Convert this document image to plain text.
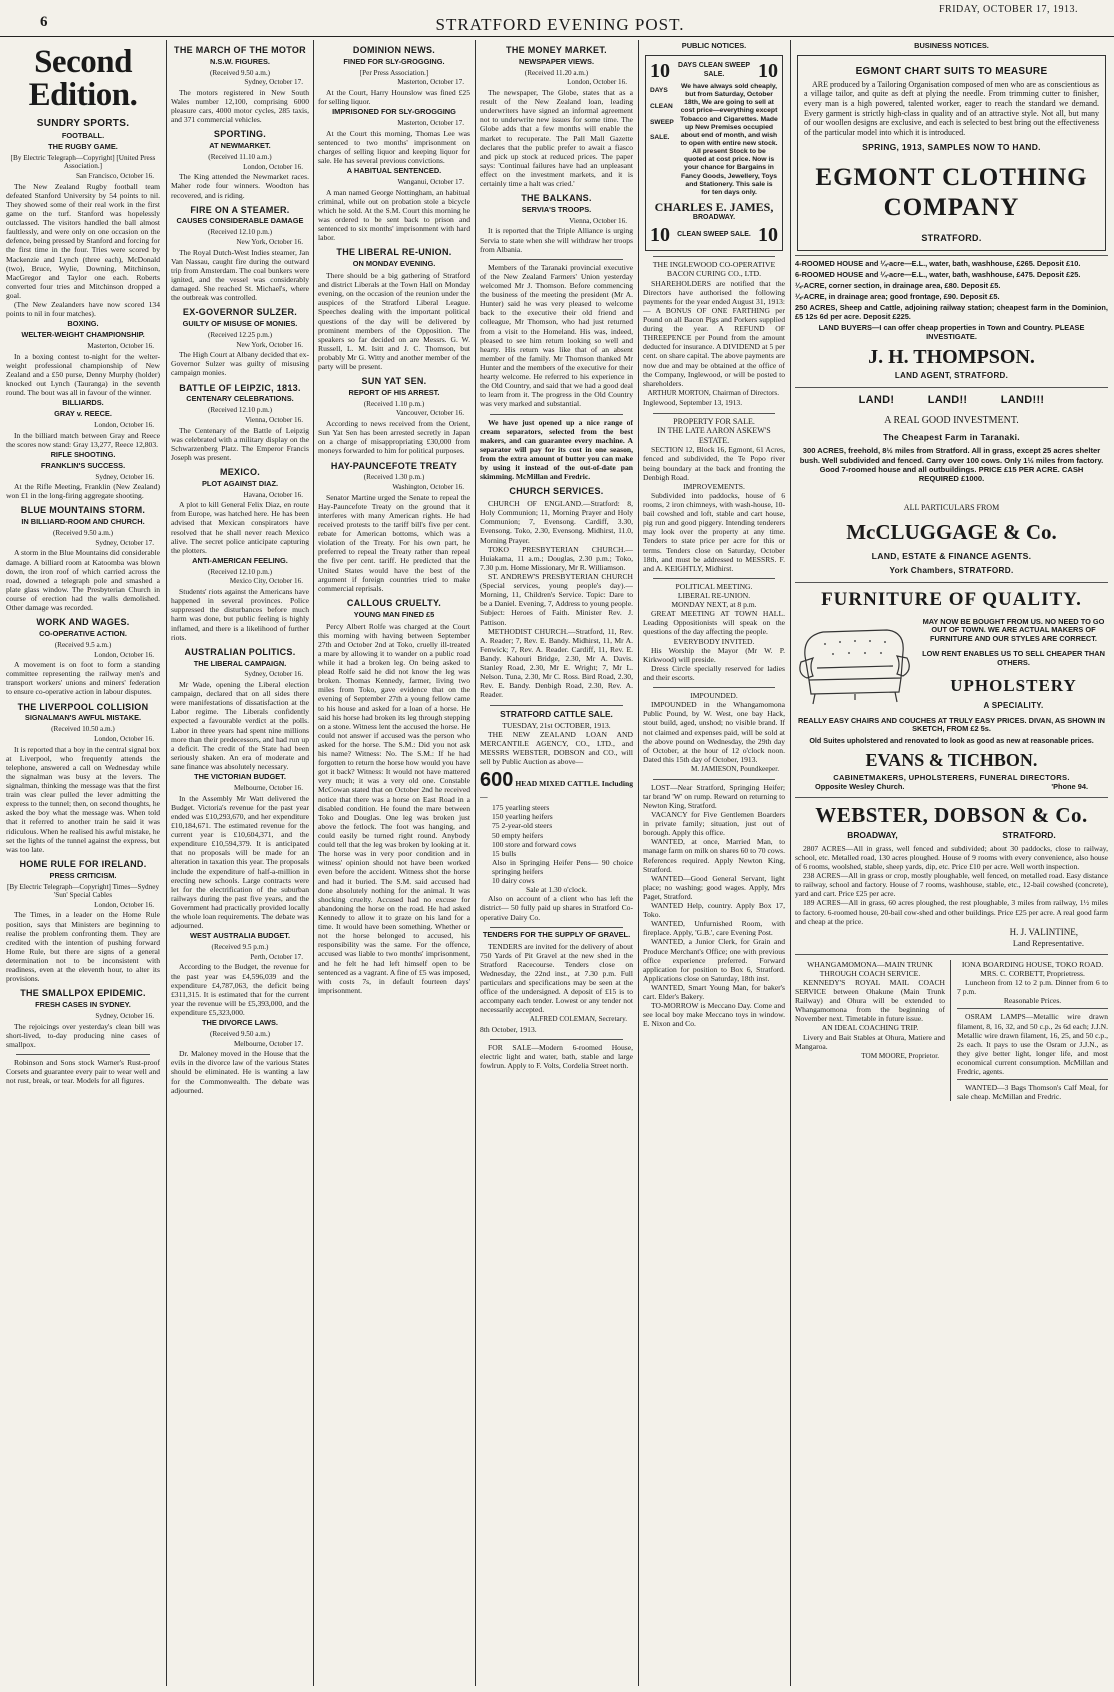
6	STRATFORD EVENING POST.
FRIDAY, OCTOBER 17, 1913.
Second Edition.
SUNDRY SPORTS.
FOOTBALL.
THE RUGBY GAME.
[By Electric Telegraph—Copyright] [United Press Association.]
San Francisco, October 16.

The New Zealand Rugby football team defeated Stanford University by 54 points to nil. They showed some of their real work in the first game on the turf. Stanford was hopelessly outclassed. The visitors handled the ball almost faultlessly, and were only on one occasion on the defence, being pressed by Stanford and forcing for the first time in the four. Tries were scored by Mackenzie and Lynch (three each), McDonald (two), Bruce, Wylie, Downing, Mitchinson, MacGregor and Taylor one each. Roberts converted four tries and Mitchinson dropped a goal.

(The New Zealanders have now scored 134 points to nil in four matches).

BOXING.
WELTER-WEIGHT CHAMPIONSHIP.
Masterton, October 16.

In a boxing contest to-night for the welter-weight professional championship of New Zealand and a £50 purse, Denny Murphy (holder) knocked out Lynch (Tauranga) in the seventh round. The bout was all in favour of the winner.

BILLIARDS.
GRAY v. REECE.
London, October 16.

In the billiard match between Gray and Reece the scores now stand: Gray 13,277, Reece 12,803.

RIFLE SHOOTING.
FRANKLIN'S SUCCESS.
Sydney, October 16.

At the Rifle Meeting, Franklin (New Zealand) won £1 in the long-firing aggregate shooting.

BLUE MOUNTAINS STORM.
IN BILLIARD-ROOM AND CHURCH.
(Received 9.50 a.m.)
Sydney, October 17.

A storm in the Blue Mountains did considerable damage. A billiard room at Katoomba was blown down, the iron roof of which carried across the road, downed a telegraph pole and smashed a plate glass window. The Presbyterian Church in course of erection had the walls demolished. Other damage was recorded.

WORK AND WAGES.
CO-OPERATIVE ACTION.
(Received 9.5 a.m.)
London, October 16.

A movement is on foot to form a standing committee representing the railway men's and transport workers' unions and miners' federation to ensure co-operative action in labour disputes.

THE LIVERPOOL COLLISION
SIGNALMAN'S AWFUL MISTAKE.
(Received 10.50 a.m.)
London, October 16.

It is reported that a boy in the central signal box at Liverpool, who frequently attends the telephone, answered a call on Wednesday while the signalman was busy at the levers. The signalman, thinking the message was that the first train was clear pulled the lever admitting the express to the tunnel; then, on second thoughts, he asked the boy what the message was. When told that it referred to another train he said it was ridiculous. When he realised his awful mistake, he set the lights of the tunnel against the express, but was too late.

HOME RULE FOR IRELAND.
PRESS CRITICISM.
[By Electric Telegraph—Copyright] Times—Sydney 'Sun' Special Cables
London, October 16.

The Times, in a leader on the Home Rule position, says that Ministers are beginning to realise the problem confronting them. They are credited with the intention of pushing forward Home Rule, but there are signs of a general determination not to be inconsistent with readiness, even at the eleventh hour, to alter its provisions.

THE SMALLPOX EPIDEMIC.
FRESH CASES IN SYDNEY.
Sydney, October 16.

The rejoicings over yesterday's clean bill was short-lived, to-day producing nine cases of smallpox.

Robinson and Sons stock Warner's Rust-proof Corsets and guarantee every pair to wear well and not rust, break, or tear. Models for all figures.

THE MARCH OF THE MOTOR
N.S.W. FIGURES.
(Received 9.50 a.m.)
Sydney, October 17.

The motors registered in New South Wales number 12,100, comprising 6000 pleasure cars, 4000 motor cycles, 285 taxis, and 371 commercial vehicles.

SPORTING.
AT NEWMARKET.
(Received 11.10 a.m.)
London, October 16.

The King attended the Newmarket races. Maher rode four winners. Woodton has recovered, and is riding.

FIRE ON A STEAMER.
CAUSES CONSIDERABLE DAMAGE
(Received 12.10 p.m.)
New York, October 16.

The Royal Dutch-West Indies steamer, Jan Van Nassau, caught fire during the outward trip from Amsterdam. The coal bunkers were ignited, and the vessel was considerably damaged. She reached St. Michael's, where the outbreak was controlled.

EX-GOVERNOR SULZER.
GUILTY OF MISUSE OF MONIES.
(Received 12.25 p.m.)
New York, October 16.

The High Court at Albany decided that ex-Governor Sulzer was guilty of misusing campaign monies.

BATTLE OF LEIPZIC, 1813.
CENTENARY CELEBRATIONS.
(Received 12.10 p.m.)
Vienna, October 16.

The Centenary of the Battle of Leipzig was celebrated with a military display on the Schwarzenberg Platz. The Emperor Francis Joseph was present.

MEXICO.
PLOT AGAINST DIAZ.
Havana, October 16.

A plot to kill General Felix Diaz, en route from Europe, was hatched here. He has been advised that Mexican conspirators have resolved that he shall never reach Mexico alive. The secret police anticipate capturing the plotters.

ANTI-AMERICAN FEELING.
(Received 12.10 p.m.)
Mexico City, October 16.

Students' riots against the Americans have happened in several provinces. Police suppressed the disturbances before much harm was done, but public feeling is highly inflamed, and there is a likelihood of further riots.

AUSTRALIAN POLITICS.
THE LIBERAL CAMPAIGN.
Sydney, October 16.

Mr Wade, opening the Liberal election campaign, declared that on all sides there were manifestations of dissatisfaction at the Labor regime. The Liberals confidently expected a favourable verdict at the polls. Labor in three years had spent nine millions more than their predecessors, and had run up a deficit. The credit of the State had been seriously shaken. An era of moderate and sane finance was absolutely necessary.

THE VICTORIAN BUDGET.
Melbourne, October 16.

In the Assembly Mr Watt delivered the Budget. Victoria's revenue for the past year ended was £10,293,670, and her expenditure £10,184,671. The estimated revenue for the current year is £10,604,371, and the expenditure £10,594,379. It is anticipated that no proposals will be made for an alteration in taxation this year. The proposals include the expenditure of half-a-million in erecting new schools. Large contracts were let for the electrification of the suburban railways during the past five years, and the Government had practically provided locally the whole loan requirements. The debate was adjourned.

WEST AUSTRALIA BUDGET.
(Received 9.5 p.m.)
Perth, October 17.

According to the Budget, the revenue for the past year was £4,596,039 and the expenditure £4,787,063, the deficit being £311,315. It is estimated that for the current year the revenue will be £5,393,000, and the expenditure £5,323,000.

THE DIVORCE LAWS.
(Received 9.50 a.m.)
Melbourne, October 17.

Dr. Maloney moved in the House that the evils in the divorce law of the various States should be eliminated. He is wanting a law for the Commonwealth. The debate was adjourned.

DOMINION NEWS.
FINED FOR SLY-GROGGING.
[Per Press Association.]
Masterton, October 17.

At the Court, Harry Hounslow was fined £25 for selling liquor.

IMPRISONED FOR SLY-GROGGING
Masterton, October 17.

At the Court this morning, Thomas Lee was sentenced to two months' imprisonment on charges of selling liquor and keeping liquor for sale. He has several previous convictions.

A HABITUAL SENTENCED.
Wanganui, October 17.

A man named George Nottingham, an habitual criminal, while out on probation stole a bicycle which he sold. At the S.M. Court this morning he was ordered to be sent back to prison and sentenced to six months' imprisonment with hard labor.

THE LIBERAL RE-UNION.
ON MONDAY EVENING.

There should be a big gathering of Stratford and district Liberals at the Town Hall on Monday evening, on the occasion of the reunion under the auspices of the Stratford Liberal League. Speeches dealing with the important political questions of the day will be delivered by prominent members of the Opposition. The speakers so far decided on are Messrs. G. W. Russell, L. M. Isitt and J. C. Thomson, but probably Mr G. Witty and another member of the party will be present.

SUN YAT SEN.
REPORT OF HIS ARREST.
(Received 1.10 p.m.)
Vancouver, October 16.

According to news received from the Orient, Sun Yat Sen has been arrested secretly in Japan on a charge of misappropriating £30,000 from moneys forwarded to him for political purposes.

HAY-PAUNCEFOTE TREATY
(Received 1.30 p.m.)
Washington, October 16.

Senator Martine urged the Senate to repeal the Hay-Pauncefote Treaty on the ground that it interferes with many American rights. He had received protests to the tariff bill's five per cent. rebate for American bottoms, which was a violation of the Treaty. For his own part, he preferred to repeal the Treaty rather than repeal the five per cent. tariff. He predicted that the United States would have the best of the argument if foreign countries tried to make commercial reprisals.

CALLOUS CRUELTY.
YOUNG MAN FINED £5

Percy Albert Rolfe was charged at the Court this morning with having between September 27th and October 2nd at Toko, cruelly ill-treated a mare by allowing it to wander on a public road while it had a broken leg. On being asked to plead Rolfe said he did not know the leg was broken. Thomas Kennedy, farmer, living two miles from Toko, gave evidence that on the evening of September 27th a young fellow came to his house and asked for a loan of a horse. He said his horse had broken its leg through stepping on a stone. Witness lent the accused the horse. He could not answer if accused was the person who asked for the horse. The S.M.: Did you not ask his name? Witness: No. The S.M.: If he had forgotten to return the horse how would you have got it back? Witness: It would not have mattered very much; it was a very old one. Constable McCowan stated that on October 2nd he received notice that there was a horse on East Road in a disabled condition. He found the mare between Toko and Douglas. One leg was broken just above the fetlock. The foot was hanging, and could easily be turned right round. Anybody could tell that the leg was broken by looking at it. The horse was in very poor condition and in witness' opinion should not have been worked even before the accident. Witness shot the horse and had it buried. The S.M. said accused had done absolutely nothing for the animal. It was shocking cruelty. Accused had no excuse for abandoning the horse on the road. He had asked Kennedy to allow it to graze on his land for a time. It would have been something. Whether or not the horse belonged to accused, his responsibility was the same. For the offence, accused was liable to two months' imprisonment, and he felt he had left himself open to be sentenced as a vagrant. A fine of £5 was imposed, with costs 7s, in default fourteen days' imprisonment.

THE MONEY MARKET.
NEWSPAPER VIEWS.
(Received 11.20 a.m.)
London, October 16.

The newspaper, The Globe, states that as a result of the New Zealand loan, leading underwriters have signed an informal agreement not to underwrite new issues for some time. The Globe adds that a few months will enable the market to recuperate. The Pall Mall Gazette declares that the public prefer to await a fiasco and pick up stock at reduced prices. The paper says: 'Continual failures have had an unpleasant effect on the investment markets, and it is certainly time a halt was cried.'

THE BALKANS.
SERVIA'S TROOPS.
Vienna, October 16.

It is reported that the Triple Alliance is urging Servia to state when she will withdraw her troops from Albania.

Members of the Taranaki provincial executive of the New Zealand Farmers' Union yesterday welcomed Mr J. Thomson. Before commencing the business of the meeting the president (Mr A. Hunter) said he was very pleased to welcome back to the executive their old friend and colleague, Mr Thomson, who had just returned from a visit to the Homeland. His was, indeed, pleased to see him return looking so well and hearty. His return was like that of an absent member of the family. Mr Thomson thanked Mr Hunter and the members of the executive for their hearty welcome. He referred to his experience in the Old Country, and said that we had a good deal to learn from it. The progress in the Old Country was very marked and substantial.

We have just opened up a nice range of cream separators, selected from the best makers, and can guarantee every machine. A separator will pay for its cost in one season, from the extra amount of butter you can make by using it instead of the out-of-date pan skimming. McMillan and Fredric.

CHURCH SERVICES.

CHURCH OF ENGLAND.—Stratford: 8, Holy Communion; 11, Morning Prayer and Holy Communion; 7, Evensong. Cardiff, 3.30, Evensong. Toko, 2.30, Evensong. Midhirst, 11.0, Morning Prayer.

TOKO PRESBYTERIAN CHURCH.—Huiakama, 11 a.m.; Douglas, 2.30 p.m.; Toko, 7.30 p.m. Home Missionary, Mr R. Williamson.

ST. ANDREW'S PRESBYTERIAN CHURCH (Special services, young people's day).—Morning, 11, Children's Service. Topic: Dare to be a Daniel. Evening, 7, Address to young people. Subject: Heroes of Faith. Minister Rev. J. Pattison.

METHODIST CHURCH.—Stratford, 11, Rev. A. Reader; 7, Rev. E. Bandy. Midhirst, 11, Mr A. Fenwick; 7, Rev. A. Reader. Cardiff, 11, Rev. E. Bandy. Kahouri Bridge, 2.30, Mr A. Davis. Stanley Road, 2.30, Mr E. Wright; 7, Mr L. Nelson. Tuna, 2.30, Mr C. Ross. Bird Road, 2.30, Rev. E. Bandy. Denbigh Road, 2.30, Rev. A. Reader.

STRATFORD CATTLE SALE.
TUESDAY, 21st OCTOBER, 1913.

THE NEW ZEALAND LOAN AND MERCANTILE AGENCY, CO., LTD., and MESSRS WEBSTER, DOBSON and CO., will sell by Public Auction as above—

600 HEAD MIXED CATTLE. Including—
175 yearling steers
150 yearling heifers
75 2-year-old steers
50 empty heifers
100 store and forward cows
15 bulls
Also in Springing Heifer Pens— 90 choice springing heifers
10 dairy cows
Sale at 1.30 o'clock.

Also on account of a client who has left the district— 50 fully paid up shares in Stratford Co-operative Dairy Co.

TENDERS FOR THE SUPPLY OF GRAVEL.

TENDERS are invited for the delivery of about 750 Yards of Pit Gravel at the new shed in the Stratford Racecourse. Tenders close on Wednesday, the 22nd inst., at 7.30 p.m. Full particulars and specifications may be seen at the office of the undersigned. A deposit of £15 is to accompany each tender. Lowest or any tender not necessarily accepted.

ALFRED COLEMAN, Secretary.
8th October, 1913.

FOR SALE—Modern 6-roomed House, electric light and water, bath, stable and large fowlrun. Apply to F. Volts, Cordelia Street north.

PUBLIC NOTICES.
10	DAYS CLEAN SWEEP SALE.	10
DAYS
CLEAN
SWEEP
SALE.
We have always sold cheaply, but from Saturday, October 18th, We are going to sell at cost price—everything except Tobacco and Cigarettes. Made up New Premises occupied about end of month, and wish to open with entire new stock. All present Stock to be quoted at cost price. Now is your chance for Bargains in Fancy Goods, Jewellery, Toys and Stationery. This sale is for ten days only.
CHARLES E. JAMES,
BROADWAY.
10 CLEAN SWEEP SALE. 10
THE INGLEWOOD CO-OPERATIVE BACON CURING CO., LTD.

SHAREHOLDERS are notified that the Directors have authorised the following payments for the year ended August 31, 1913:— A BONUS OF ONE FARTHING per Pound on all Bacon Pigs and Porkers supplied during the year. A REFUND OF THREEPENCE per Pound from the amount deducted for insurance. A DIVIDEND at 5 per cent. on share capital. The above payments are now due and may be obtained at the office of the Company, Inglewood, or will be posted to shareholders.

ARTHUR MORTON, Chairman of Directors.
Inglewood, September 13, 1913.
PROPERTY FOR SALE.
IN THE LATE AARON ASKEW'S ESTATE.

SECTION 12, Block 16, Egmont, 61 Acres, fenced and subdivided, the Te Popo river being boundary at the back and fronting the Denbigh Road.

IMPROVEMENTS.

Subdivided into paddocks, house of 6 rooms, 2 iron chimneys, with wash-house, 10-bail cowshed and loft, stable and cart house, pig run and good piggery. Intending tenderers may look over the property at any time. Tenders to state price per acre for this or terms. Tenders close on Saturday, October 18th, and must be addressed to MESSRS. F. and A. KEIGHTLY, Midhirst.

POLITICAL MEETING.
LIBERAL RE-UNION.
MONDAY NEXT, at 8 p.m.

GREAT MEETING AT TOWN HALL. Leading Oppositionists will speak on the questions of the day affecting the people.

EVERYBODY INVITED.

His Worship the Mayor (Mr W. P. Kirkwood) will preside.

Dress Circle specially reserved for ladies and their escorts.

IMPOUNDED.

IMPOUNDED in the Whangamomona Public Pound, by W. West, one bay Hack, stout build, aged, unshod; no visible brand. If not claimed and expenses paid, will be sold at the above pound on Wednesday, the 29th day of October, at the hour of 12 o'clock noon. Dated this 15th day of October, 1913.

M. JAMIESON, Poundkeeper.

LOST—Near Stratford, Springing Heifer; tar brand 'W' on rump. Reward on returning to Newton King, Stratford.

VACANCY for Five Gentlemen Boarders in private family; situation, just out of borough. Apply this office.

WANTED, at once, Married Man, to manage farm on milk on shares 60 to 70 cows. References required. Apply Newton King, Stratford.

WANTED—Good General Servant, light place; no washing; good wages. Apply, Mrs Paget, Stratford.

WANTED Help, country. Apply Box 17, Toko.

WANTED, Unfurnished Room, with fireplace. Apply, 'G.B.', care Evening Post.

WANTED, a Junior Clerk, for Grain and Produce Merchant's Office; one with previous office experience preferred. Forward application for position to Box 6, Stratford. Applications close on Saturday, 18th inst.

WANTED, Smart Young Man, for baker's cart. Elder's Bakery.

TO-MORROW is Meccano Day. Come and see local boy make Meccano toys in window. E. Nixon and Co.

BUSINESS NOTICES.
EGMONT CHART SUITS TO MEASURE

ARE produced by a Tailoring Organisation composed of men who are as conscientious as a village tailor, and quite as deft at plying the needle. From trimming cutter to finisher, every man is a high powered, talented worker, eager to reach the standard we demand. Every garment is strictly high-class in quality and of an attractive style. Not all, but many of our woollen designs are exclusive, and each is selected to best bring out the effectiveness of the particular model into which it is introduced.

SPRING, 1913, SAMPLES NOW TO HAND.
EGMONT CLOTHING
COMPANY
STRATFORD.
4-ROOMED HOUSE and ¼-acre—E.L., water, bath, washhouse, £265. Deposit £10.
6-ROOMED HOUSE and ¼-acre—E.L., water, bath, washhouse, £475. Deposit £25.
¼-ACRE, corner section, in drainage area, £80. Deposit £5.
¼-ACRE, in drainage area; good frontage, £90. Deposit £5.
250 ACRES, Sheep and Cattle, adjoining railway station; cheapest farm in the Dominion, £5 12s 6d per acre. Deposit £225.
LAND BUYERS—I can offer cheap properties in Town and Country. PLEASE INVESTIGATE.
J. H. THOMPSON.
LAND AGENT, STRATFORD.
LAND! LAND!! LAND!!!
A REAL GOOD INVESTMENT.
The Cheapest Farm in Taranaki.

300 ACRES, freehold, 8½ miles from Stratford. All in grass, except 25 acres shelter bush. Well subdivided and fenced. Carry over 100 cows. Only 1½ miles from factory. Good 7-roomed house and all outbuildings. PRICE £15 PER ACRE. CASH REQUIRED £1000.

ALL PARTICULARS FROM
McCLUGGAGE & Co.
LAND, ESTATE & FINANCE AGENTS.
York Chambers, STRATFORD.
FURNITURE OF QUALITY.

MAY NOW BE BOUGHT FROM US. NO NEED TO GO OUT OF TOWN. WE ARE ACTUAL MAKERS OF FURNITURE AND OUR STYLES ARE CORRECT.

LOW RENT ENABLES US TO SELL CHEAPER THAN OTHERS.

UPHOLSTERY
A SPECIALITY.

REALLY EASY CHAIRS AND COUCHES AT TRULY EASY PRICES. DIVAN, AS SHOWN IN SKETCH, FROM £2 5s.

Old Suites upholstered and renovated to look as good as new at reasonable prices.

EVANS & TICHBON.
CABINETMAKERS, UPHOLSTERERS, FUNERAL DIRECTORS.
Opposite Wesley Church.	'Phone 94.
WEBSTER, DOBSON & Co.
BROADWAY,	STRATFORD.

2807 ACRES—All in grass, well fenced and subdivided; about 30 paddocks, close to railway, school, etc. Metalled road, 130 acres ploughed. House of 9 rooms with every convenience, also house of 6 rooms, woolshed, stable, sheep yards, dip, etc. Price £10 per acre. Well worth inspection.

238 ACRES—All in grass or crop, mostly ploughable, well fenced, on metalled road. Easy distance to railway, school and factory. House of 7 rooms, washhouse, stable, etc., 12-bail cowshed (concrete), yard and cart. Price £25 per acre.

189 ACRES—All in grass, 60 acres ploughed, the rest ploughable, 3 miles from railway, 1½ miles to factory. 6-roomed house, 20-bail cow-shed and other buildings. Price £25 per acre. A real good farm and cheap at the price.

H. J. VALINTINE,
Land Representative.
WHANGAMOMONA—MAIN TRUNK THROUGH COACH SERVICE.

KENNEDY'S ROYAL MAIL COACH SERVICE between Ohakune (Main Trunk Railway) and Ohura will be extended to Whangamomona from the beginning of November next. Timetable in future issue.

AN IDEAL COACHING TRIP.

Livery and Bait Stables at Ohura, Matiere and Mangaroa.

TOM MOORE, Proprietor.
IONA BOARDING HOUSE, TOKO ROAD.
MRS. C. CORBETT, Proprietress.

Luncheon from 12 to 2 p.m. Dinner from 6 to 7 p.m.

Reasonable Prices.

OSRAM LAMPS—Metallic wire drawn filament, 8, 16, 32, and 50 c.p., 2s 6d each; J.J.N. Metallic wire drawn filament, 16, 25, and 50 c.p., 2s each. It pays to use the Osram or J.J.N., as they give better light, longer life, and most economical current consumption. McMillan and Fredric, agents.

WANTED—3 Bags Thomson's Calf Meal, for sale cheap. McMillan and Fredric.
